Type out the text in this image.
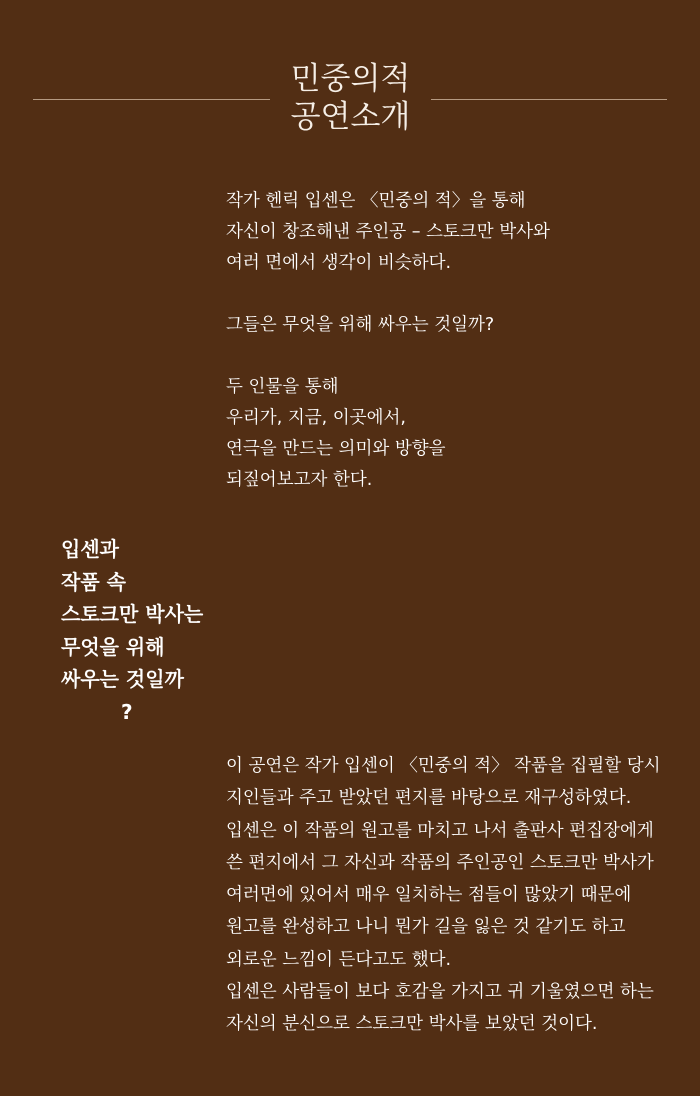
민중의적
공연소개

작가 헨릭 입센은 〈민중의 적〉을 통해
자신이 창조해낸 주인공 – 스토크만 박사와
여러 면에서 생각이 비슷하다.

그들은 무엇을 위해 싸우는 것일까?

두 인물을 통해
우리가, 지금, 이곳에서,
연극을 만드는 의미와 방향을
되짚어보고자 한다.

입센과
작품 속
스토크만 박사는
무엇을 위해
싸우는 것일까
?
이 공연은 작가 입센이 〈민중의 적〉 작품을 집필할 당시
지인들과 주고 받았던 편지를 바탕으로 재구성하였다.
입센은 이 작품의 원고를 마치고 나서 출판사 편집장에게
쓴 편지에서 그 자신과 작품의 주인공인 스토크만 박사가
여러면에 있어서 매우 일치하는 점들이 많았기 때문에
원고를 완성하고 나니 뭔가 길을 잃은 것 같기도 하고
외로운 느낌이 든다고도 했다.
입센은 사람들이 보다 호감을 가지고 귀 기울였으면 하는
자신의 분신으로 스토크만 박사를 보았던 것이다.
